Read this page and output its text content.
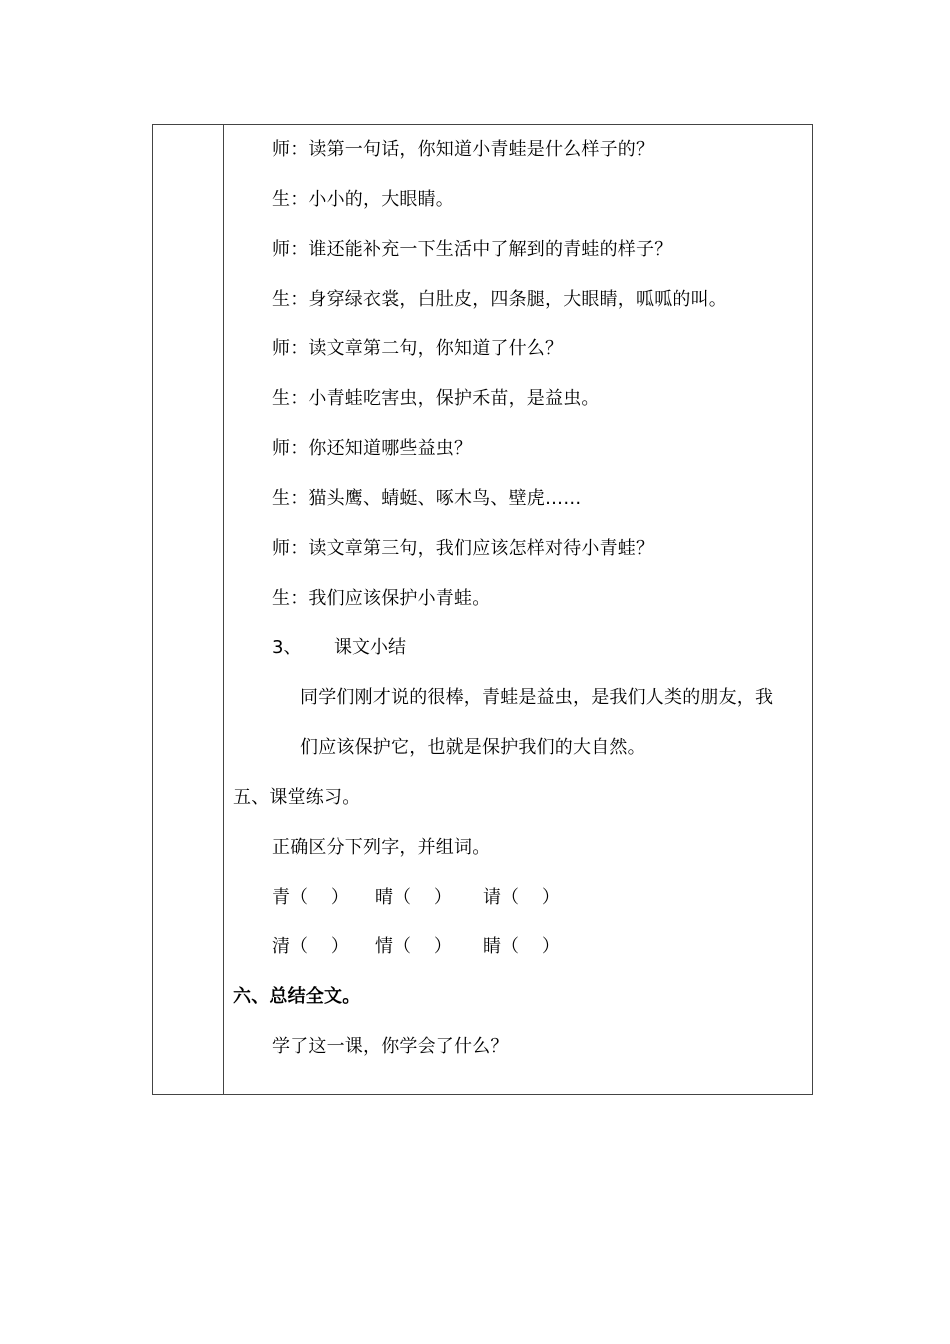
师：读第一句话，你知道小青蛙是什么样子的？
生：小小的，大眼睛。
师：谁还能补充一下生活中了解到的青蛙的样子？
生：身穿绿衣裳，白肚皮，四条腿，大眼睛，呱呱的叫。
师：读文章第二句，你知道了什么？
生：小青蛙吃害虫，保护禾苗，是益虫。
师：你还知道哪些益虫？
生：猫头鹰、蜻蜓、啄木鸟、壁虎……
师：读文章第三句，我们应该怎样对待小青蛙？
生：我们应该保护小青蛙。
3、 课文小结
同学们刚才说的很棒，青蛙是益虫，是我们人类的朋友，我
们应该保护它，也就是保护我们的大自然。
五、课堂练习。
正确区分下列字，并组词。
青（    ） 晴（    ） 请（    ）
清（    ） 情（    ） 睛（    ）
六、总结全文。
学了这一课，你学会了什么？
